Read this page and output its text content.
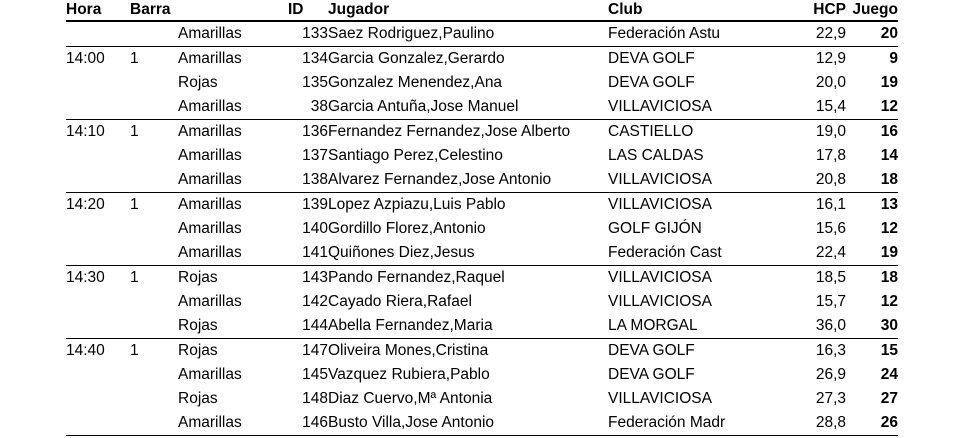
Hora	Barra		ID	Jugador	Club	HCP	Juego
		Amarillas	133	Saez Rodriguez,Paulino	Federación Astu	22,9	20
14:00	1	Amarillas	134	Garcia Gonzalez,Gerardo	DEVA GOLF	12,9	9
		Rojas	135	Gonzalez Menendez,Ana	DEVA GOLF	20,0	19
		Amarillas	38	Garcia Antuña,Jose Manuel	VILLAVICIOSA	15,4	12
14:10	1	Amarillas	136	Fernandez Fernandez,Jose Alberto	CASTIELLO	19,0	16
		Amarillas	137	Santiago Perez,Celestino	LAS CALDAS	17,8	14
		Amarillas	138	Alvarez Fernandez,Jose Antonio	VILLAVICIOSA	20,8	18
14:20	1	Amarillas	139	Lopez Azpiazu,Luis Pablo	VILLAVICIOSA	16,1	13
		Amarillas	140	Gordillo Florez,Antonio	GOLF GIJÓN	15,6	12
		Amarillas	141	Quiñones Diez,Jesus	Federación Cast	22,4	19
14:30	1	Rojas	143	Pando Fernandez,Raquel	VILLAVICIOSA	18,5	18
		Amarillas	142	Cayado Riera,Rafael	VILLAVICIOSA	15,7	12
		Rojas	144	Abella Fernandez,Maria	LA MORGAL	36,0	30
14:40	1	Rojas	147	Oliveira Mones,Cristina	DEVA GOLF	16,3	15
		Amarillas	145	Vazquez Rubiera,Pablo	DEVA GOLF	26,9	24
		Rojas	148	Diaz Cuervo,Mª Antonia	VILLAVICIOSA	27,3	27
		Amarillas	146	Busto Villa,Jose Antonio	Federación Madr	28,8	26
